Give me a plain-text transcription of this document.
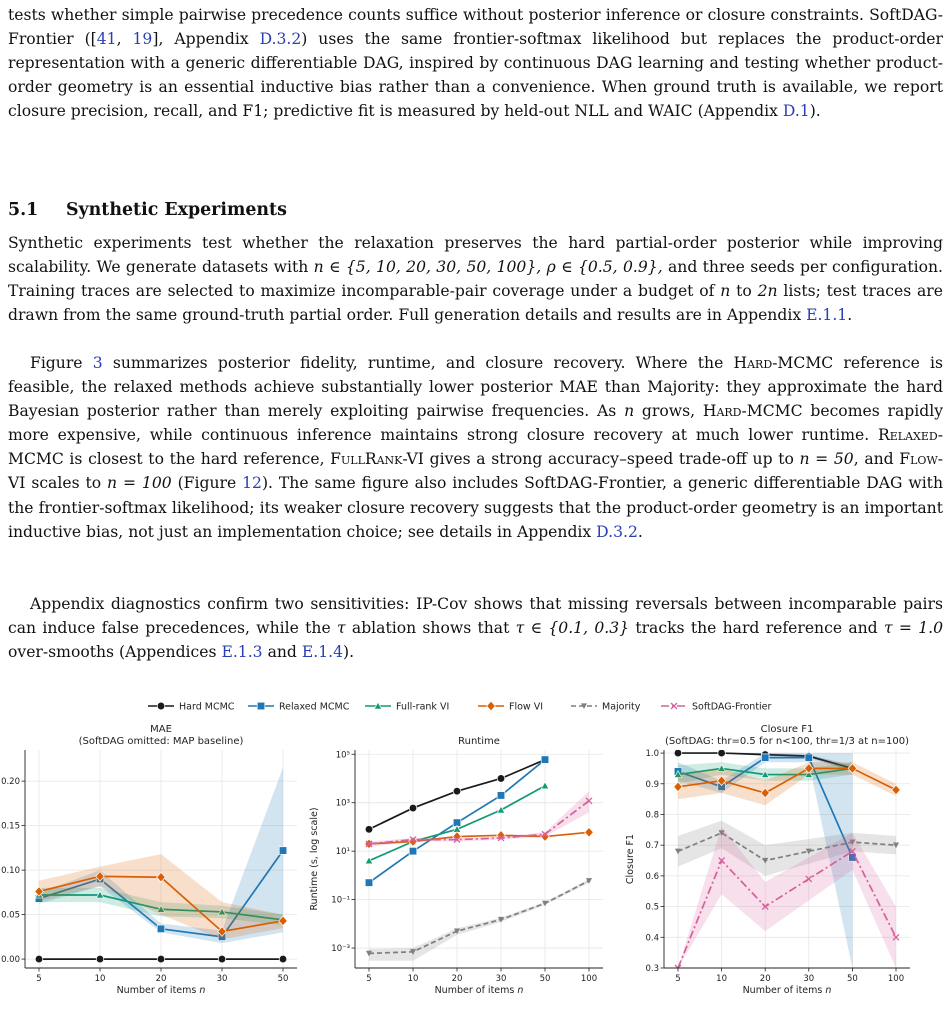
tests whether simple pairwise precedence counts suffice without posterior inference or closure constraints. SoftDAG-Frontier ([41, 19], Appendix D.3.2) uses the same frontier-softmax likelihood but replaces the product-order representation with a generic differentiable DAG, inspired by continuous DAG learning and testing whether product-order geometry is an essential inductive bias rather than a convenience. When ground truth is available, we report closure precision, recall, and F1; predictive fit is measured by held-out NLL and WAIC (Appendix D.1).
5.1 Synthetic Experiments
Synthetic experiments test whether the relaxation preserves the hard partial-order posterior while improving scalability. We generate datasets with n ∈ {5, 10, 20, 30, 50, 100}, ρ ∈ {0.5, 0.9}, and three seeds per configuration. Training traces are selected to maximize incomparable-pair coverage under a budget of n to 2n lists; test traces are drawn from the same ground-truth partial order. Full generation details and results are in Appendix E.1.1.
Figure 3 summarizes posterior fidelity, runtime, and closure recovery. Where the Hard-MCMC reference is feasible, the relaxed methods achieve substantially lower posterior MAE than Majority: they approximate the hard Bayesian posterior rather than merely exploiting pairwise frequencies. As n grows, Hard-MCMC becomes rapidly more expensive, while continuous inference maintains strong closure recovery at much lower runtime. Relaxed-MCMC is closest to the hard reference, FullRank-VI gives a strong accuracy–speed trade-off up to n = 50, and Flow-VI scales to n = 100 (Figure 12). The same figure also includes SoftDAG-Frontier, a generic differentiable DAG with the frontier-softmax likelihood; its weaker closure recovery suggests that the product-order geometry is an important inductive bias, not just an implementation choice; see details in Appendix D.3.2.
Appendix diagnostics confirm two sensitivities: IP-Cov shows that missing reversals between incomparable pairs can induce false precedences, while the τ ablation shows that τ ∈ {0.1, 0.3} tracks the hard reference and τ = 1.0 over-smooths (Appendices E.1.3 and E.1.4).
Hard MCMC	Relaxed MCMC	Full-rank VI	Flow VI	Majority	SoftDAG-Frontier
0.00
0.05
0.10
0.15
0.20
5	10	20	30	50
MAE
(SoftDAG omitted: MAP baseline)
Number of items n
10⁻³
10⁻¹
10¹
10³
10⁵
5	10	20	30	50	100
Runtime
Number of items n
Runtime (s, log scale)
0.3
0.4
0.5
0.6
0.7
0.8
0.9
1.0
5	10	20	30	50	100
Closure F1
(SoftDAG: thr=0.5 for n<100, thr=1/3 at n=100)
Number of items n
Closure F1
